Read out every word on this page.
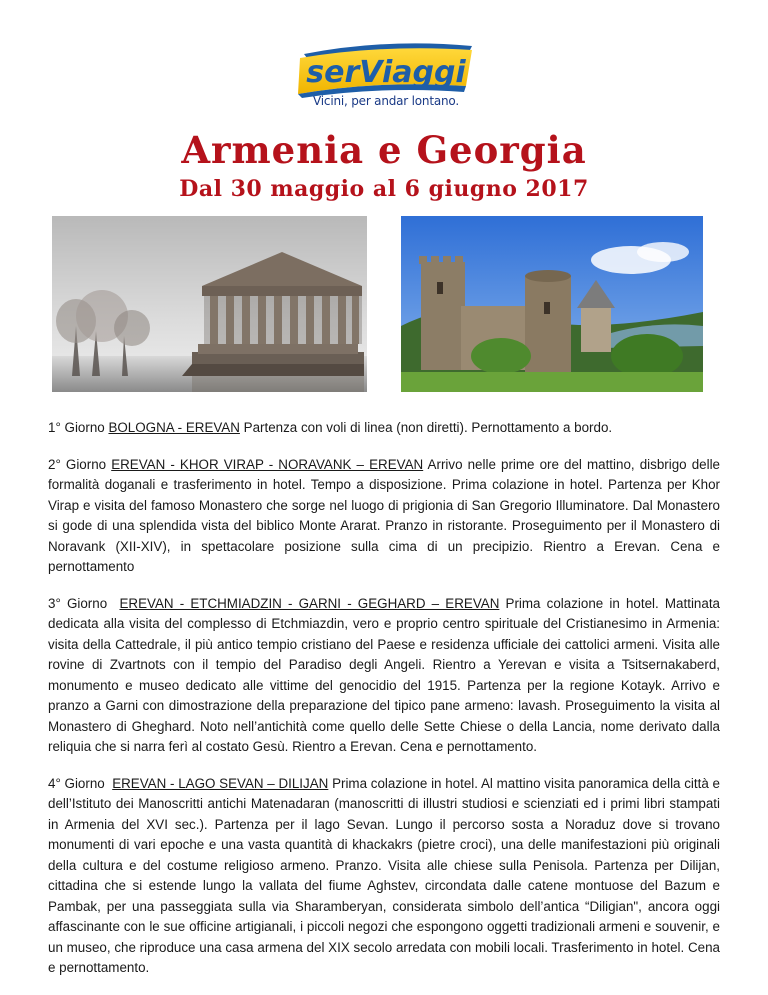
serViaggi
Vicini, per andar lontano.
Armenia e Georgia
Dal 30 maggio al 6 giugno 2017

1° Giorno BOLOGNA - EREVAN Partenza con voli di linea (non diretti). Pernottamento a bordo.

2° Giorno EREVAN - KHOR VIRAP - NORAVANK – EREVAN Arrivo nelle prime ore del mattino, disbrigo delle formalità doganali e trasferimento in hotel. Tempo a disposizione. Prima colazione in hotel. Partenza per Khor Virap e visita del famoso Monastero che sorge nel luogo di prigionia di San Gregorio Illuminatore. Dal Monastero si gode di una splendida vista del biblico Monte Ararat. Pranzo in ristorante. Proseguimento per il Monastero di Noravank (XII-XIV), in spettacolare posizione sulla cima di un precipizio. Rientro a Erevan. Cena e pernottamento

3° Giorno EREVAN - ETCHMIADZIN - GARNI - GEGHARD – EREVAN Prima colazione in hotel. Mattinata dedicata alla visita del complesso di Etchmiazdin, vero e proprio centro spirituale del Cristianesimo in Armenia: visita della Cattedrale, il più antico tempio cristiano del Paese e residenza ufficiale dei cattolici armeni. Visita alle rovine di Zvartnots con il tempio del Paradiso degli Angeli. Rientro a Yerevan e visita a Tsitsernakaberd, monumento e museo dedicato alle vittime del genocidio del 1915. Partenza per la regione Kotayk. Arrivo e pranzo a Garni con dimostrazione della preparazione del tipico pane armeno: lavash. Proseguimento la visita al Monastero di Gheghard. Noto nell’antichità come quello delle Sette Chiese o della Lancia, nome derivato dalla reliquia che si narra ferì al costato Gesù. Rientro a Erevan. Cena e pernottamento.

4° Giorno EREVAN - LAGO SEVAN – DILIJAN Prima colazione in hotel. Al mattino visita panoramica della città e dell’Istituto dei Manoscritti antichi Matenadaran (manoscritti di illustri studiosi e scienziati ed i primi libri stampati in Armenia del XVI sec.). Partenza per il lago Sevan. Lungo il percorso sosta a Noraduz dove si trovano monumenti di vari epoche e una vasta quantità di khackakrs (pietre croci), una delle manifestazioni più originali della cultura e del costume religioso armeno. Pranzo. Visita alle chiese sulla Penisola. Partenza per Dilijan, cittadina che si estende lungo la vallata del fiume Aghstev, circondata dalle catene montuose del Bazum e Pambak, per una passeggiata sulla via Sharamberyan, considerata simbolo dell’antica “Diligian", ancora oggi affascinante con le sue officine artigianali, i piccoli negozi che espongono oggetti tradizionali armeni e souvenir, e un museo, che riproduce una casa armena del XIX secolo arredata con mobili locali. Trasferimento in hotel. Cena e pernottamento.
